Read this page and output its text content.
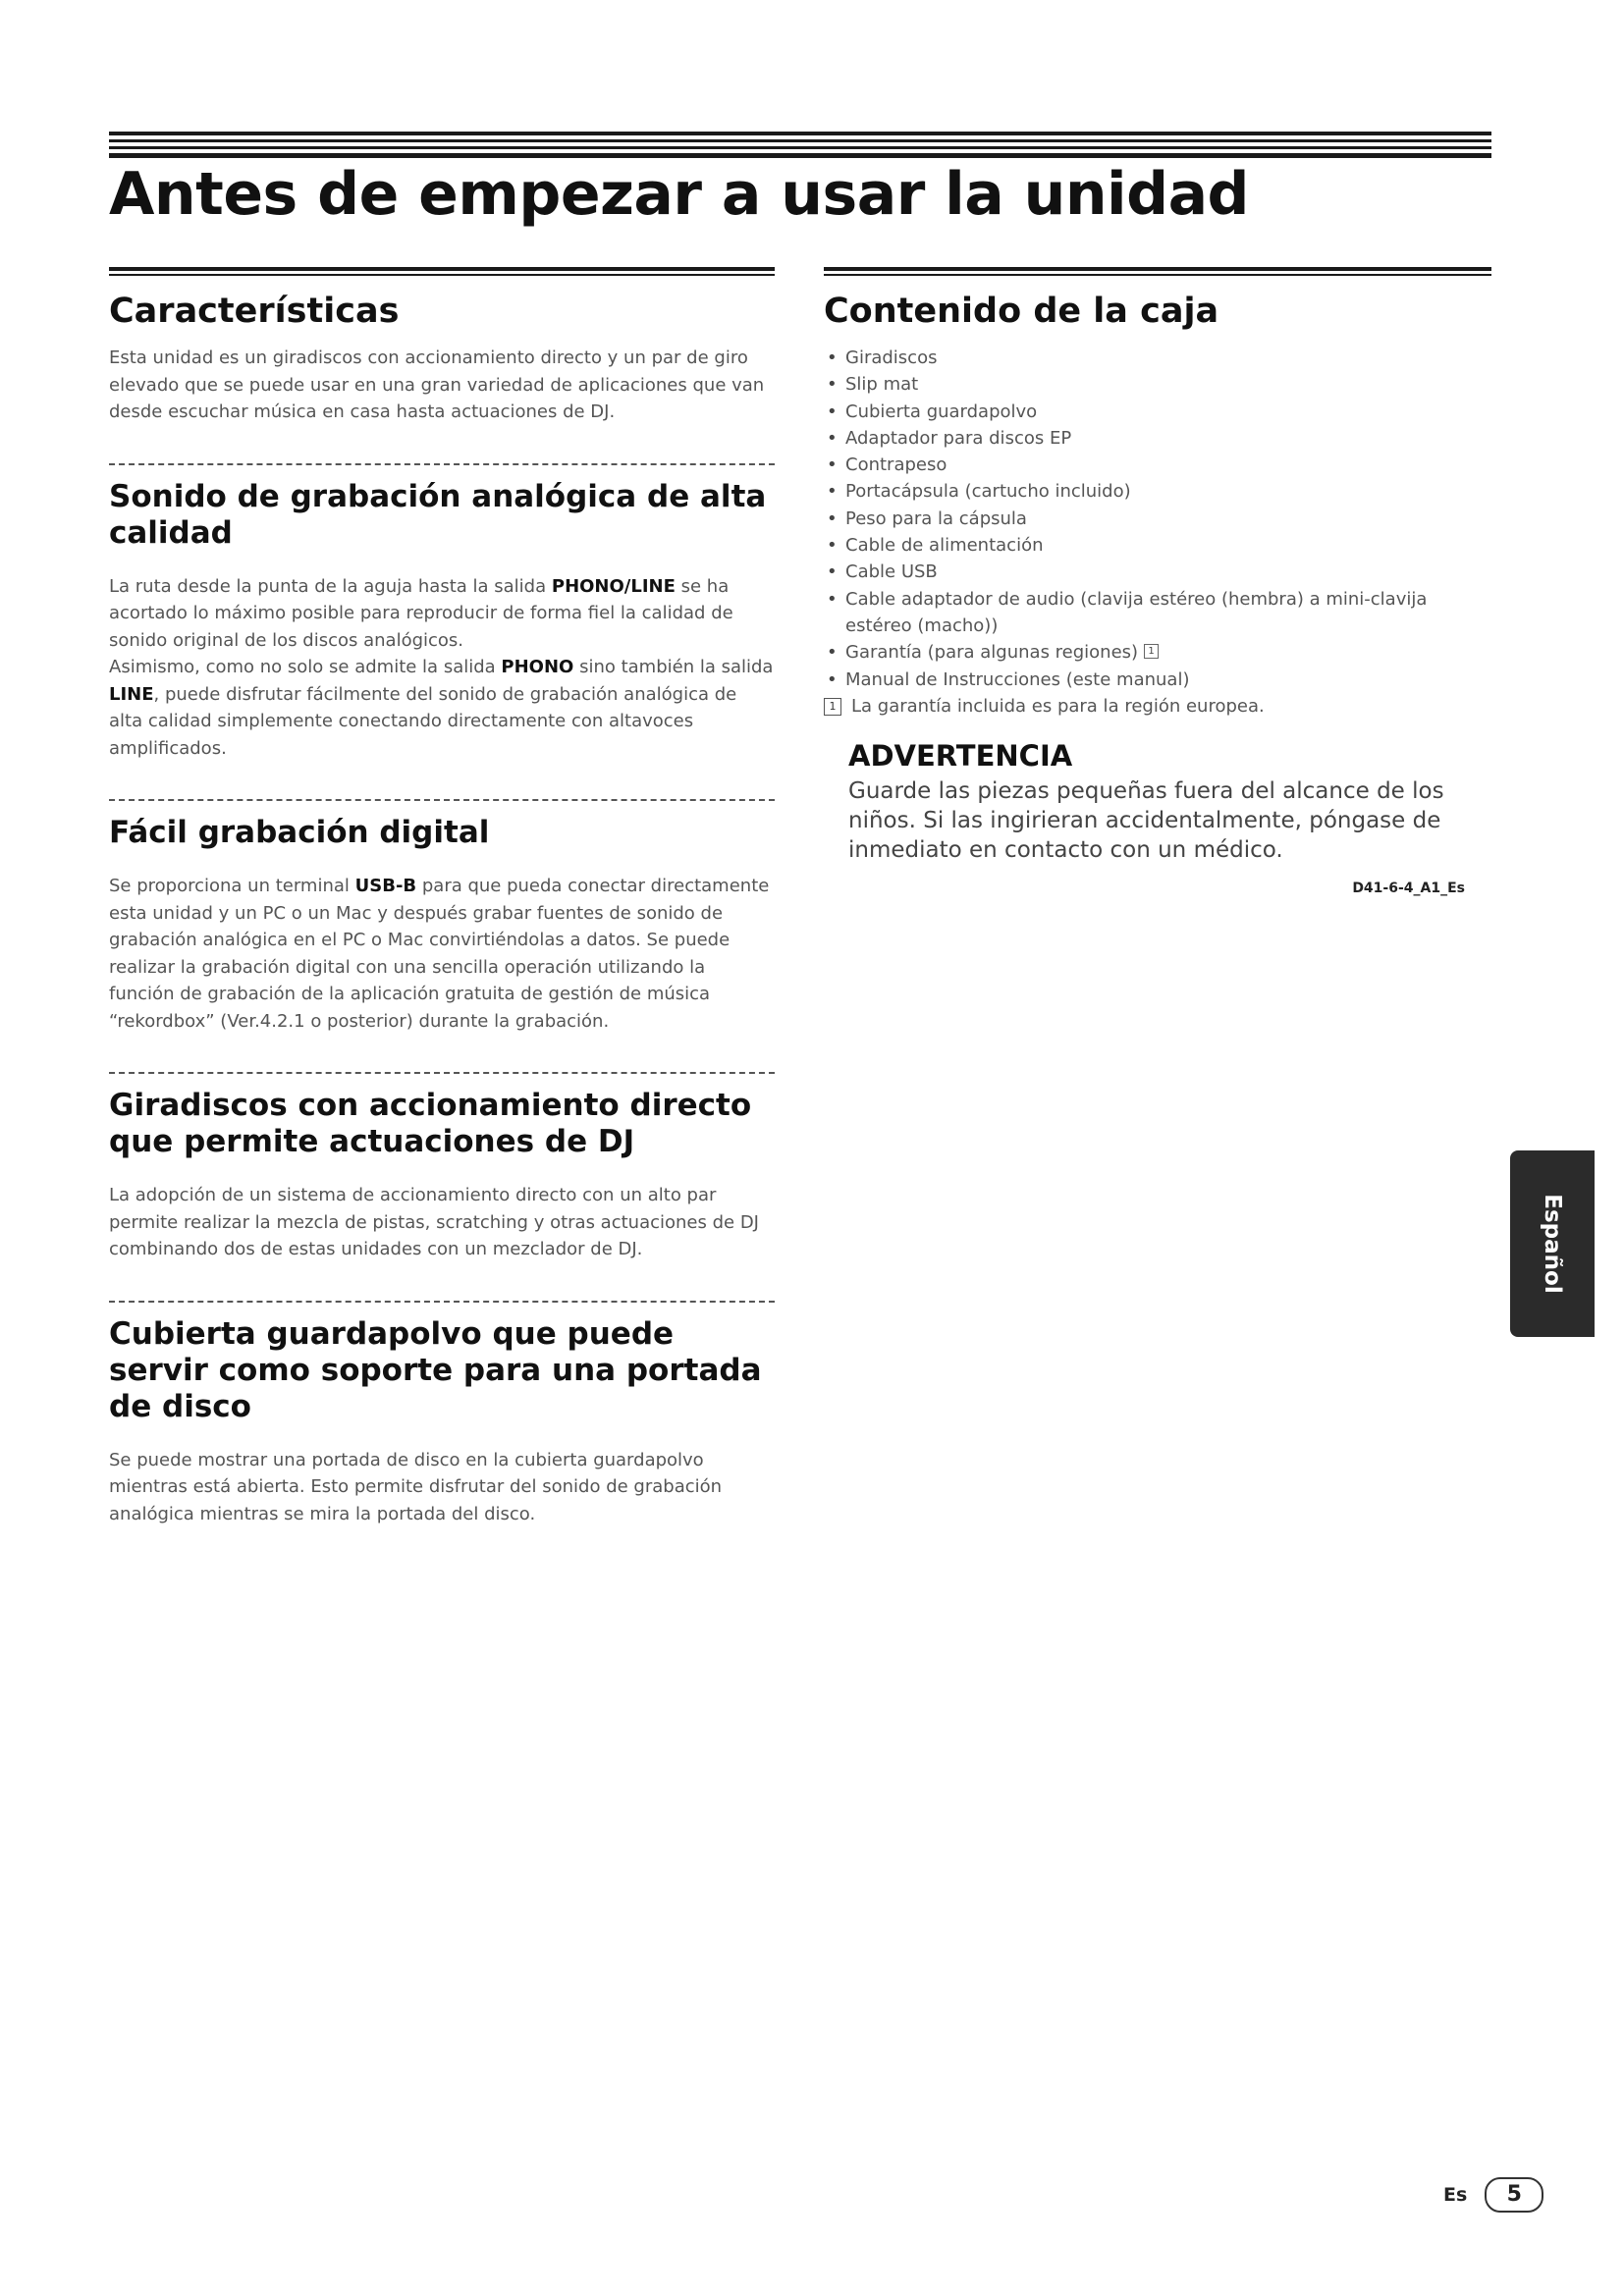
Antes de empezar a usar la unidad
Características

Esta unidad es un giradiscos con accionamiento directo y un par de giro elevado que se puede usar en una gran variedad de aplicaciones que van desde escuchar música en casa hasta actuaciones de DJ.

Sonido de grabación analógica de alta calidad

La ruta desde la punta de la aguja hasta la salida PHONO/LINE se ha acortado lo máximo posible para reproducir de forma fiel la calidad de sonido original de los discos analógicos.
Asimismo, como no solo se admite la salida PHONO sino también la salida LINE, puede disfrutar fácilmente del sonido de grabación analógica de alta calidad simplemente conectando directamente con altavoces amplificados.

Fácil grabación digital

Se proporciona un terminal USB-B para que pueda conectar directamente esta unidad y un PC o un Mac y después grabar fuentes de sonido de grabación analógica en el PC o Mac convirtiéndolas a datos. Se puede realizar la grabación digital con una sencilla operación utilizando la función de grabación de la aplicación gratuita de gestión de música “rekordbox” (Ver.4.2.1 o posterior) durante la grabación.

Giradiscos con accionamiento directo que permite actuaciones de DJ

La adopción de un sistema de accionamiento directo con un alto par permite realizar la mezcla de pistas, scratching y otras actuaciones de DJ combinando dos de estas unidades con un mezclador de DJ.

Cubierta guardapolvo que puede servir como soporte para una portada de disco

Se puede mostrar una portada de disco en la cubierta guardapolvo mientras está abierta. Esto permite disfrutar del sonido de grabación analógica mientras se mira la portada del disco.

Contenido de la caja
• Giradiscos
• Slip mat
• Cubierta guardapolvo
• Adaptador para discos EP
• Contrapeso
• Portacápsula (cartucho incluido)
• Peso para la cápsula
• Cable de alimentación
• Cable USB
• Cable adaptador de audio (clavija estéreo (hembra) a mini-clavija estéreo (macho))
• Garantía (para algunas regiones) 1
• Manual de Instrucciones (este manual)
1 La garantía incluida es para la región europea.
ADVERTENCIA

Guarde las piezas pequeñas fuera del alcance de los niños. Si las ingirieran accidentalmente, póngase de inmediato en contacto con un médico.

D41-6-4_A1_Es
Español
Es	5
